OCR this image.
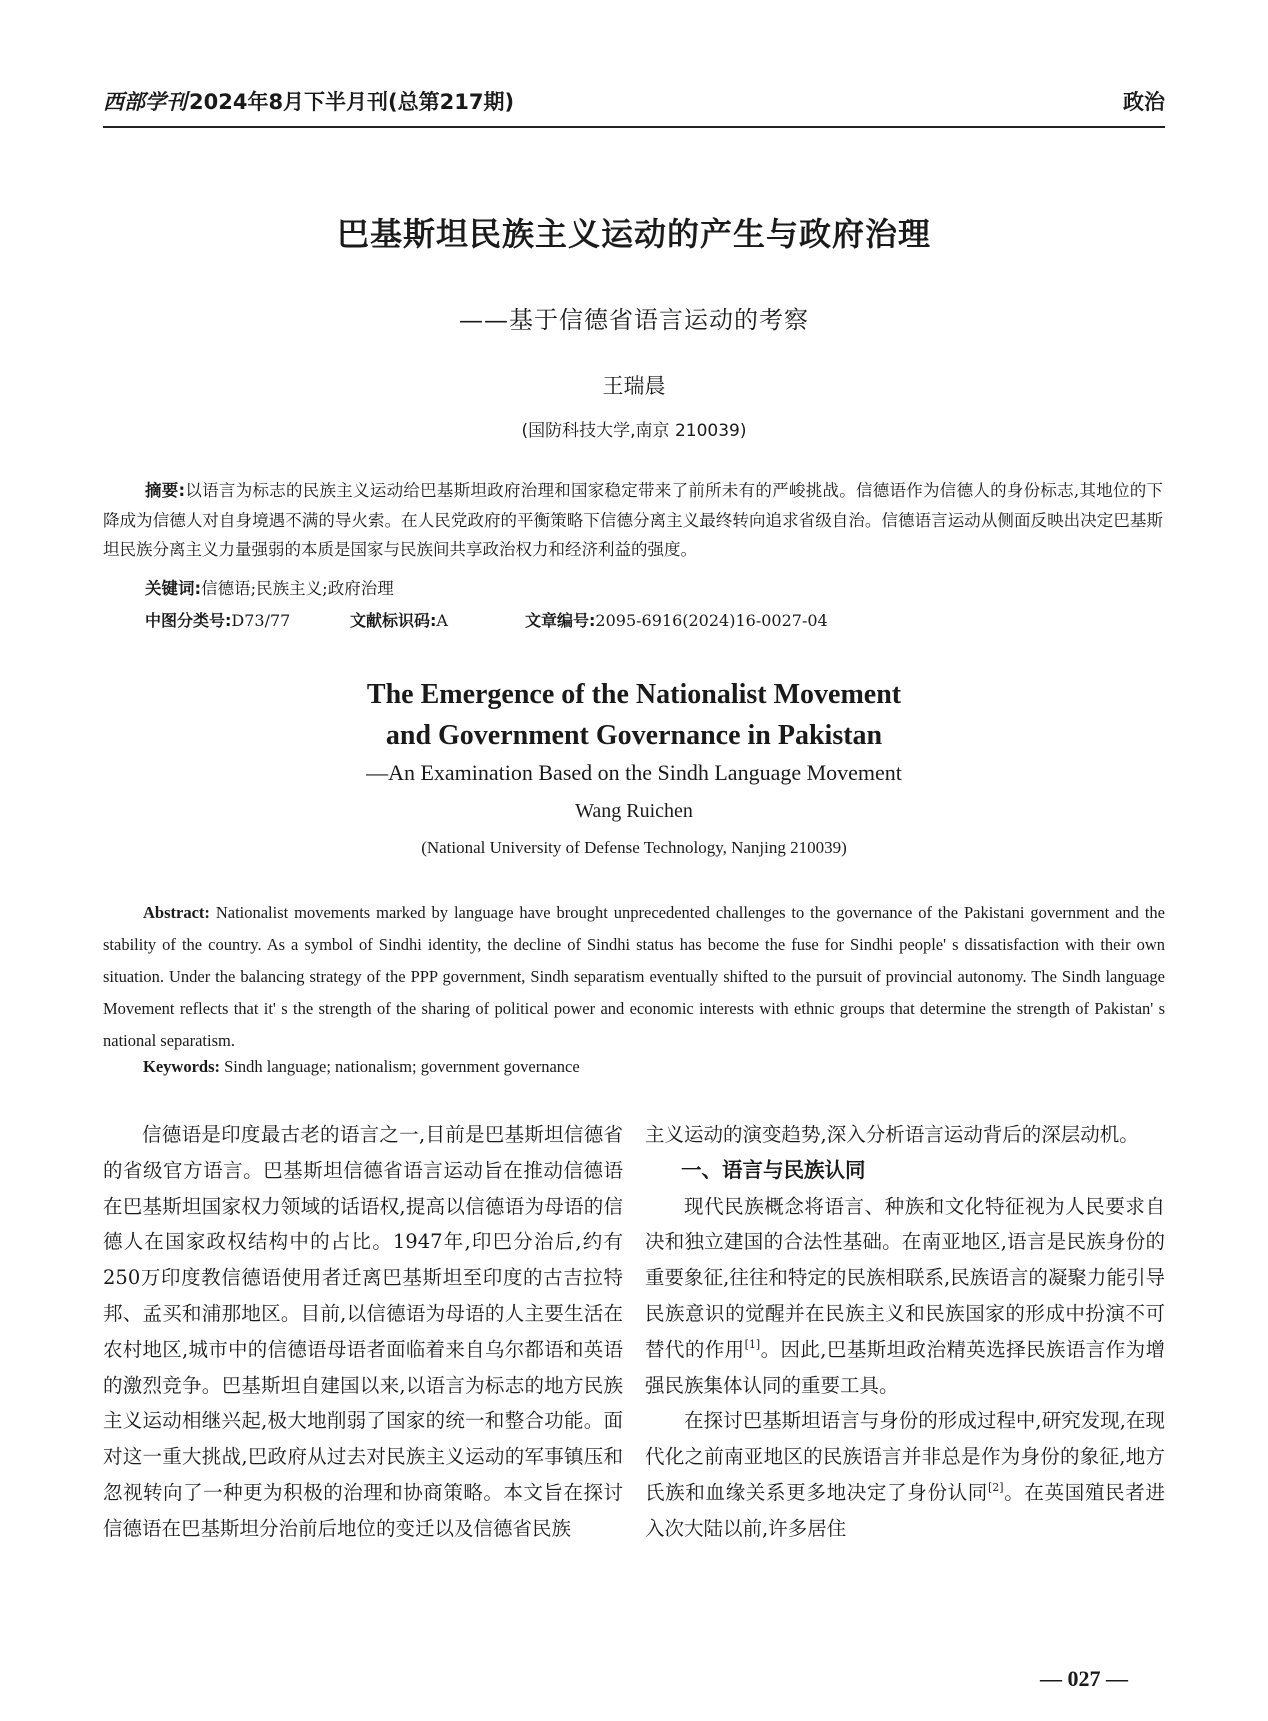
西部学刊2024年8月下半月刊(总第217期)	政治
巴基斯坦民族主义运动的产生与政府治理
——基于信德省语言运动的考察
王瑞晨
(国防科技大学,南京 210039)
摘要:以语言为标志的民族主义运动给巴基斯坦政府治理和国家稳定带来了前所未有的严峻挑战。信德语作为信德人的身份标志,其地位的下降成为信德人对自身境遇不满的导火索。在人民党政府的平衡策略下信德分离主义最终转向追求省级自治。信德语言运动从侧面反映出决定巴基斯坦民族分离主义力量强弱的本质是国家与民族间共享政治权力和经济利益的强度。
关键词:信德语;民族主义;政府治理
中图分类号:D73/77	文献标识码:A	文章编号:2095-6916(2024)16-0027-04
The Emergence of the Nationalist Movement
and Government Governance in Pakistan
—An Examination Based on the Sindh Language Movement
Wang Ruichen
(National University of Defense Technology, Nanjing 210039)
Abstract: Nationalist movements marked by language have brought unprecedented challenges to the governance of the Pakistani government and the stability of the country. As a symbol of Sindhi identity, the decline of Sindhi status has become the fuse for Sindhi people' s dissatisfaction with their own situation. Under the balancing strategy of the PPP government, Sindh separatism eventually shifted to the pursuit of provincial autonomy. The Sindh language Movement reflects that it' s the strength of the sharing of political power and economic interests with ethnic groups that determine the strength of Pakistan' s national separatism.
Keywords: Sindh language; nationalism; government governance

信德语是印度最古老的语言之一,目前是巴基斯坦信德省的省级官方语言。巴基斯坦信德省语言运动旨在推动信德语在巴基斯坦国家权力领域的话语权,提高以信德语为母语的信德人在国家政权结构中的占比。1947年,印巴分治后,约有250万印度教信德语使用者迁离巴基斯坦至印度的古吉拉特邦、孟买和浦那地区。目前,以信德语为母语的人主要生活在农村地区,城市中的信德语母语者面临着来自乌尔都语和英语的激烈竞争。巴基斯坦自建国以来,以语言为标志的地方民族主义运动相继兴起,极大地削弱了国家的统一和整合功能。面对这一重大挑战,巴政府从过去对民族主义运动的军事镇压和忽视转向了一种更为积极的治理和协商策略。本文旨在探讨信德语在巴基斯坦分治前后地位的变迁以及信德省民族

主义运动的演变趋势,深入分析语言运动背后的深层动机。

一、语言与民族认同

现代民族概念将语言、种族和文化特征视为人民要求自决和独立建国的合法性基础。在南亚地区,语言是民族身份的重要象征,往往和特定的民族相联系,民族语言的凝聚力能引导民族意识的觉醒并在民族主义和民族国家的形成中扮演不可替代的作用[1]。因此,巴基斯坦政治精英选择民族语言作为增强民族集体认同的重要工具。

在探讨巴基斯坦语言与身份的形成过程中,研究发现,在现代化之前南亚地区的民族语言并非总是作为身份的象征,地方氏族和血缘关系更多地决定了身份认同[2]。在英国殖民者进入次大陆以前,许多居住

— 027 —
